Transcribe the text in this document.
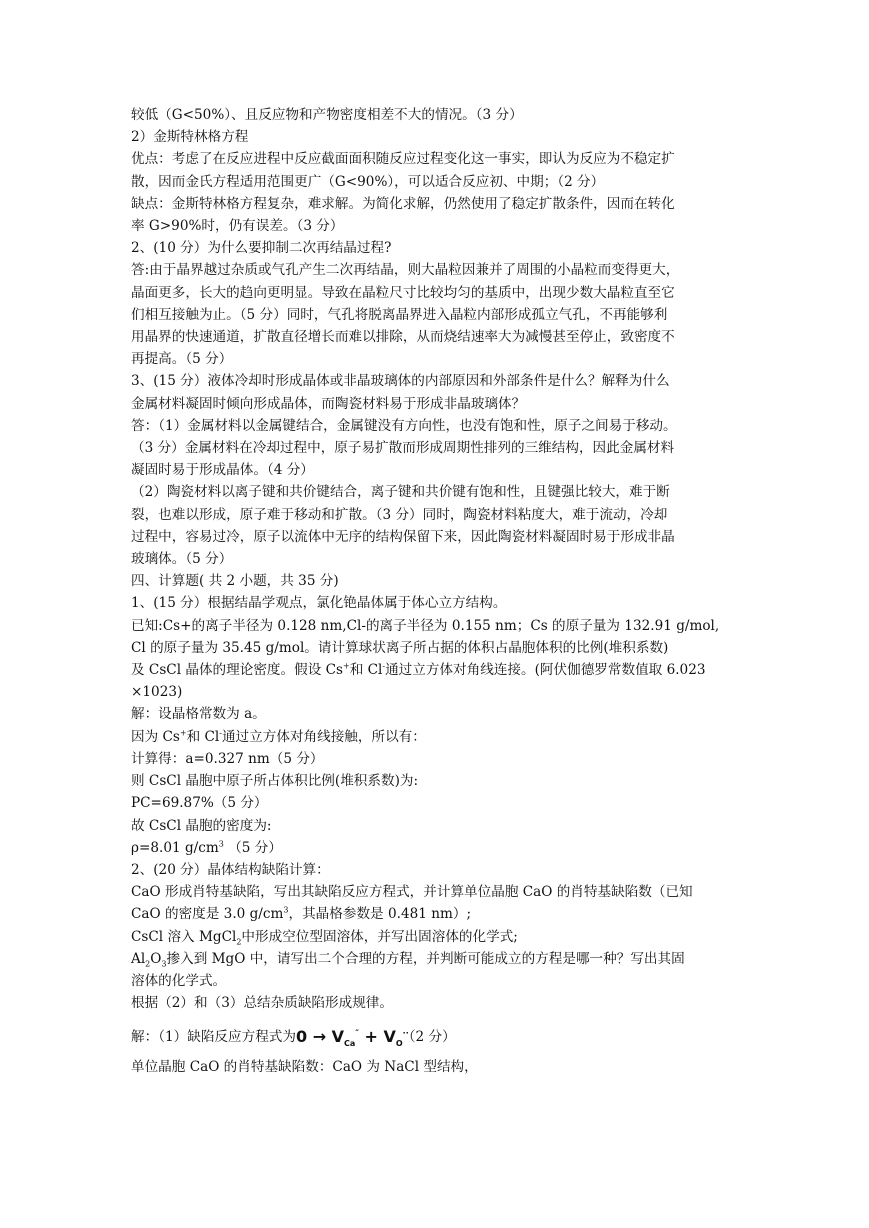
较低（G<50%）、且反应物和产物密度相差不大的情况。（3 分）

2）金斯特林格方程

优点：考虑了在反应进程中反应截面面积随反应过程变化这一事实，即认为反应为不稳定扩

散，因而金氏方程适用范围更广（G<90%），可以适合反应初、中期；（2 分）

缺点：金斯特林格方程复杂，难求解。为简化求解，仍然使用了稳定扩散条件，因而在转化

率 G>90%时，仍有误差。（3 分）

2、(10 分）为什么要抑制二次再结晶过程?

答:由于晶界越过杂质或气孔产生二次再结晶，则大晶粒因兼并了周围的小晶粒而变得更大，

晶面更多，长大的趋向更明显。导致在晶粒尺寸比较均匀的基质中，出现少数大晶粒直至它

们相互接触为止。（5 分）同时，气孔将脱离晶界进入晶粒内部形成孤立气孔，不再能够利

用晶界的快速通道，扩散直径增长而难以排除，从而烧结速率大为减慢甚至停止，致密度不

再提高。（5 分）

3、(15 分）液体冷却时形成晶体或非晶玻璃体的内部原因和外部条件是什么？解释为什么

金属材料凝固时倾向形成晶体，而陶瓷材料易于形成非晶玻璃体？

答：（1）金属材料以金属键结合，金属键没有方向性，也没有饱和性，原子之间易于移动。

（3 分）金属材料在冷却过程中，原子易扩散而形成周期性排列的三维结构，因此金属材料

凝固时易于形成晶体。（4 分）

（2）陶瓷材料以离子键和共价键结合，离子键和共价键有饱和性，且键强比较大，难于断

裂，也难以形成，原子难于移动和扩散。（3 分）同时，陶瓷材料粘度大，难于流动，冷却

过程中，容易过冷，原子以流体中无序的结构保留下来，因此陶瓷材料凝固时易于形成非晶

玻璃体。（5 分）

四、计算题( 共 2 小题，共 35 分)

1、(15 分）根据结晶学观点，氯化铯晶体属于体心立方结构。

已知:Cs+的离子半径为 0.128 nm,Cl-的离子半径为 0.155 nm；Cs 的原子量为 132.91 g/mol,

Cl 的原子量为 35.45 g/mol。请计算球状离子所占据的体积占晶胞体积的比例(堆积系数)

及 CsCl 晶体的理论密度。假设 Cs+和 Cl-通过立方体对角线连接。(阿伏伽德罗常数值取 6.023

×1023)

解：设晶格常数为 a。

因为 Cs+和 Cl-通过立方体对角线接触，所以有：

计算得：a=0.327 nm（5 分）

则 CsCl 晶胞中原子所占体积比例(堆积系数)为:

PC=69.87%（5 分）

故 CsCl 晶胞的密度为:

ρ=8.01 $g/cm^3$ （5 分）

2、(20 分）晶体结构缺陷计算：

CaO 形成肖特基缺陷，写出其缺陷反应方程式，并计算单位晶胞 CaO 的肖特基缺陷数（已知

CaO 的密度是 3.0 $g/cm^3$，其晶格参数是 0.481 nm）;

CsCl 溶入 MgCl$_2$中形成空位型固溶体，并写出固溶体的化学式;

$Al_2O_3$掺入到 MgO 中，请写出二个合理的方程，并判断可能成立的方程是哪一种？写出其固

溶体的化学式。

根据（2）和（3）总结杂质缺陷形成规律。

解：（1）缺陷反应方程式为$0 \to V_{Ca}'' + V_O^{\cdot\cdot}(2$ 分）

单位晶胞 CaO 的肖特基缺陷数：CaO 为 NaCl 型结构，
